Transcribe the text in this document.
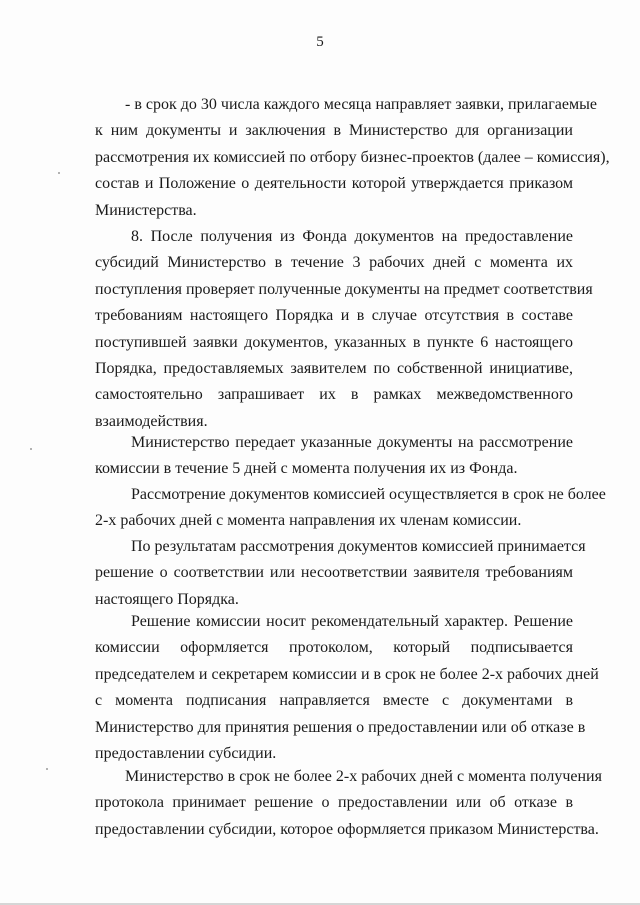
5
- в срок до 30 числа каждого месяца направляет заявки, прилагаемые
к ним документы и заключения в Министерство для организации
рассмотрения их комиссией по отбору бизнес-проектов (далее – комиссия),
состав и Положение о деятельности которой утверждается приказом
Министерства.
8. После получения из Фонда документов на предоставление
субсидий Министерство в течение 3 рабочих дней с момента их
поступления проверяет полученные документы на предмет соответствия
требованиям настоящего Порядка и в случае отсутствия в составе
поступившей заявки документов, указанных в пункте 6 настоящего
Порядка, предоставляемых заявителем по собственной инициативе,
самостоятельно запрашивает их в рамках межведомственного
взаимодействия.
Министерство передает указанные документы на рассмотрение
комиссии в течение 5 дней с момента получения их из Фонда.
Рассмотрение документов комиссией осуществляется в срок не более
2-х рабочих дней с момента направления их членам комиссии.
По результатам рассмотрения документов комиссией принимается
решение о соответствии или несоответствии заявителя требованиям
настоящего Порядка.
Решение комиссии носит рекомендательный характер. Решение
комиссии оформляется протоколом, который подписывается
председателем и секретарем комиссии и в срок не более 2-х рабочих дней
с момента подписания направляется вместе с документами в
Министерство для принятия решения о предоставлении или об отказе в
предоставлении субсидии.
Министерство в срок не более 2-х рабочих дней с момента получения
протокола принимает решение о предоставлении или об отказе в
предоставлении субсидии, которое оформляется приказом Министерства.
